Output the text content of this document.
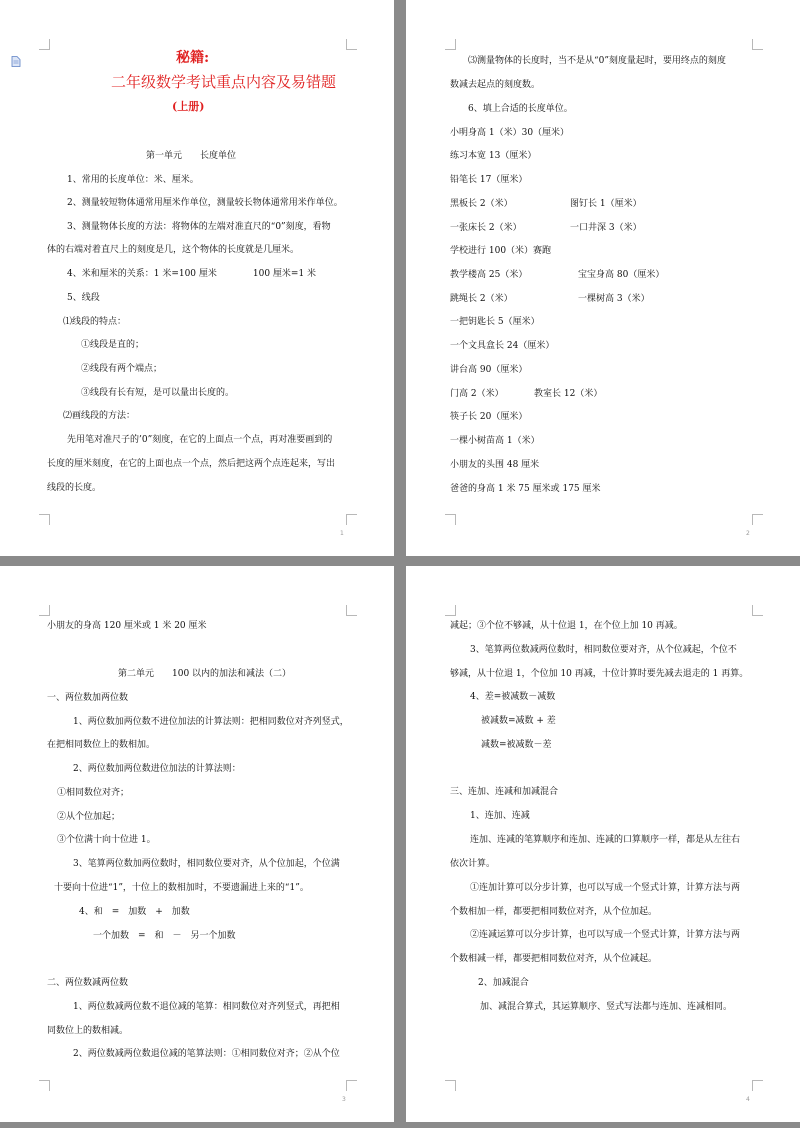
秘籍:
二年级数学考试重点内容及易错题
(上册)
第一单元　　长度单位
1、常用的长度单位：米、厘米。
2、测量较短物体通常用厘米作单位，测量较长物体通常用米作单位。
3、测量物体长度的方法：将物体的左端对准直尺的“0”刻度，看物
体的右端对着直尺上的刻度是几，这个物体的长度就是几厘米。
4、米和厘米的关系：1 米=100 厘米　　　　100 厘米=1 米
5、线段
⑴线段的特点：
①线段是直的；
②线段有两个端点；
③线段有长有短，是可以量出长度的。
⑵画线段的方法：
先用笔对准尺子的’0”刻度，在它的上面点一个点，再对准要画到的
长度的厘米刻度，在它的上面也点一个点，然后把这两个点连起来，写出
线段的长度。
1
⑶测量物体的长度时，当不是从“0”刻度量起时，要用终点的刻度
数减去起点的刻度数。
6、填上合适的长度单位。
小明身高 1（米）30（厘米）
练习本宽 13（厘米）
铅笔长 17（厘米）
黑板长 2（米）	图钉长 1（厘米）
一张床长 2（米）	一口井深 3（米）
学校进行 100（米）赛跑
教学楼高 25（米）	宝宝身高 80（厘米）
跳绳长 2（米）	一棵树高 3（米）
一把钥匙长 5（厘米）
一个文具盒长 24（厘米）
讲台高 90（厘米）
门高 2（米）	教室长 12（米）
筷子长 20（厘米）
一棵小树苗高 1（米）
小朋友的头围 48 厘米
爸爸的身高 1 米 75 厘米或 175 厘米
2
小朋友的身高 120 厘米或 1 米 20 厘米
第二单元　　100 以内的加法和减法（二）
一、两位数加两位数
1、两位数加两位数不进位加法的计算法则：把相同数位对齐列竖式，
在把相同数位上的数相加。
2、两位数加两位数进位加法的计算法则：
①相同数位对齐；
②从个位加起；
③个位满十向十位进 1。
3、笔算两位数加两位数时，相同数位要对齐，从个位加起，个位满
十要向十位进“1”，十位上的数相加时，不要遗漏进上来的“1”。
4、和　=　加数　+　加数
一个加数　=　和　－　另一个加数
二、两位数减两位数
1、两位数减两位数不退位减的笔算：相同数位对齐列竖式，再把相
同数位上的数相减。
2、两位数减两位数退位减的笔算法则：①相同数位对齐；②从个位
3
减起；③个位不够减，从十位退 1，在个位上加 10 再减。
3、笔算两位数减两位数时，相同数位要对齐，从个位减起，个位不
够减，从十位退 1，个位加 10 再减，十位计算时要先减去退走的 1 再算。
4、差=被减数－减数
被减数=减数 + 差
减数=被减数－差
三、连加、连减和加减混合
1、连加、连减
连加、连减的笔算顺序和连加、连减的口算顺序一样，都是从左往右
依次计算。
①连加计算可以分步计算，也可以写成一个竖式计算，计算方法与两
个数相加一样，都要把相同数位对齐，从个位加起。
②连减运算可以分步计算，也可以写成一个竖式计算，计算方法与两
个数相减一样，都要把相同数位对齐，从个位减起。
2、加减混合
加、减混合算式，其运算顺序、竖式写法都与连加、连减相同。
4
